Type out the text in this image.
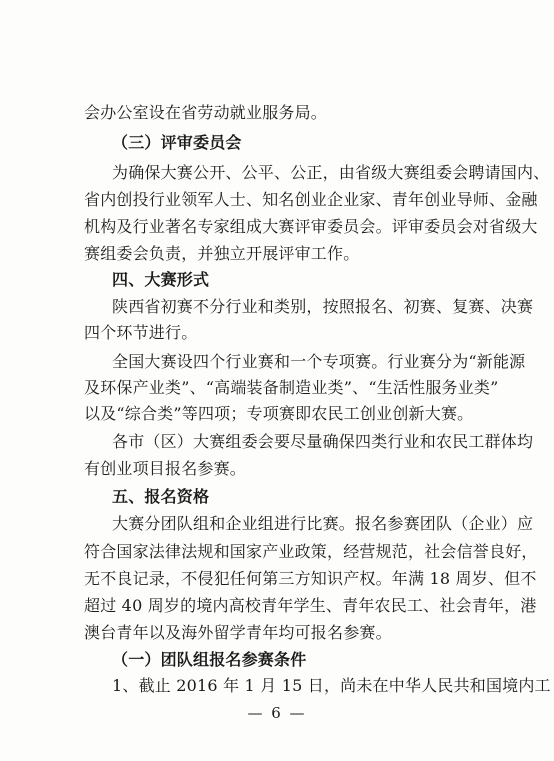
会办公室设在省劳动就业服务局。
（三）评审委员会
为确保大赛公开、公平、公正，由省级大赛组委会聘请国内、
省内创投行业领军人士、知名创业企业家、青年创业导师、金融
机构及行业著名专家组成大赛评审委员会。评审委员会对省级大
赛组委会负责，并独立开展评审工作。
四、大赛形式
陕西省初赛不分行业和类别，按照报名、初赛、复赛、决赛
四个环节进行。
全国大赛设四个行业赛和一个专项赛。行业赛分为“新能源
及环保产业类”、“高端装备制造业类”、“生活性服务业类”
以及“综合类”等四项；专项赛即农民工创业创新大赛。
各市（区）大赛组委会要尽量确保四类行业和农民工群体均
有创业项目报名参赛。
五、报名资格
大赛分团队组和企业组进行比赛。报名参赛团队（企业）应
符合国家法律法规和国家产业政策，经营规范，社会信誉良好，
无不良记录，不侵犯任何第三方知识产权。年满 18 周岁、但不
超过 40 周岁的境内高校青年学生、青年农民工、社会青年，港
澳台青年以及海外留学青年均可报名参赛。
（一）团队组报名参赛条件
1、截止 2016 年 1 月 15 日，尚未在中华人民共和国境内工
— 6 —
